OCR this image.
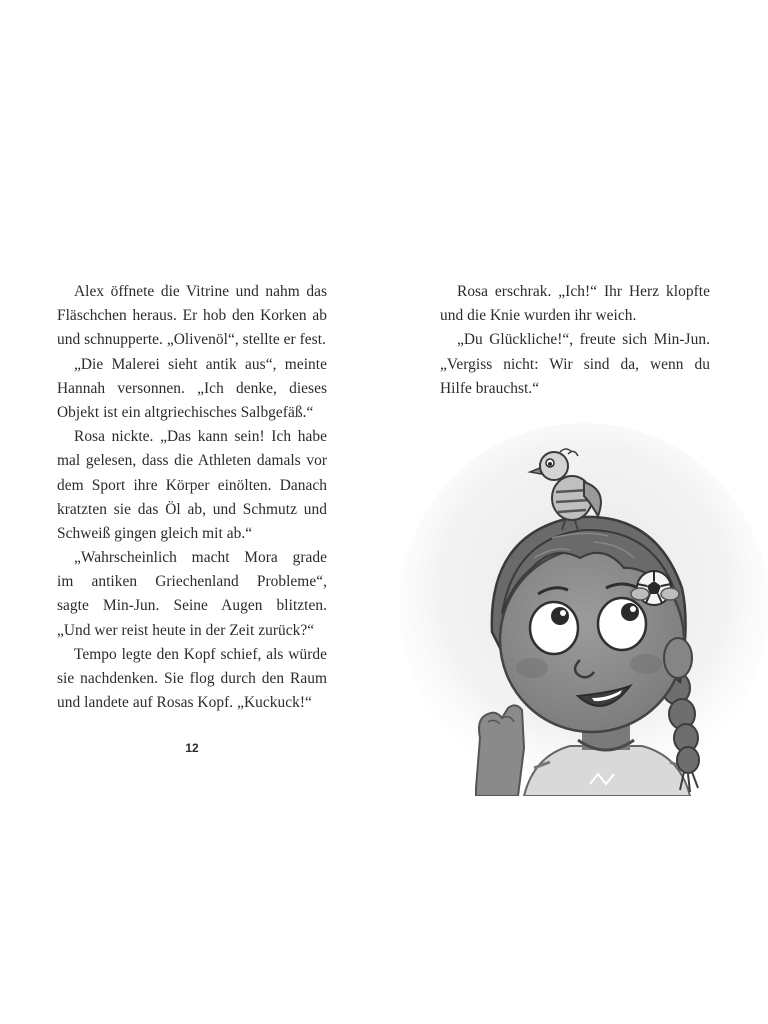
Alex öffnete die Vitrine und nahm das
Fläschchen heraus. Er hob den Korken ab
und schnupperte. „Olivenöl“, stellte er fest.
„Die Malerei sieht antik aus“, meinte
Hannah versonnen. „Ich denke, dieses
Objekt ist ein altgriechisches Salbgefäß.“
Rosa nickte. „Das kann sein! Ich habe
mal gelesen, dass die Athleten damals vor
dem Sport ihre Körper einölten. Danach
kratzten sie das Öl ab, und Schmutz und
Schweiß gingen gleich mit ab.“
„Wahrscheinlich macht Mora grade
im antiken Griechenland Probleme“,
sagte Min-Jun. Seine Augen blitzten.
„Und wer reist heute in der Zeit zurück?“
Tempo legte den Kopf schief, als würde
sie nachdenken. Sie flog durch den Raum
und landete auf Rosas Kopf. „Kuckuck!“
12
Rosa erschrak. „Ich!“ Ihr Herz klopfte
und die Knie wurden ihr weich.
„Du Glückliche!“, freute sich Min-Jun.
„Vergiss nicht: Wir sind da, wenn du
Hilfe brauchst.“
